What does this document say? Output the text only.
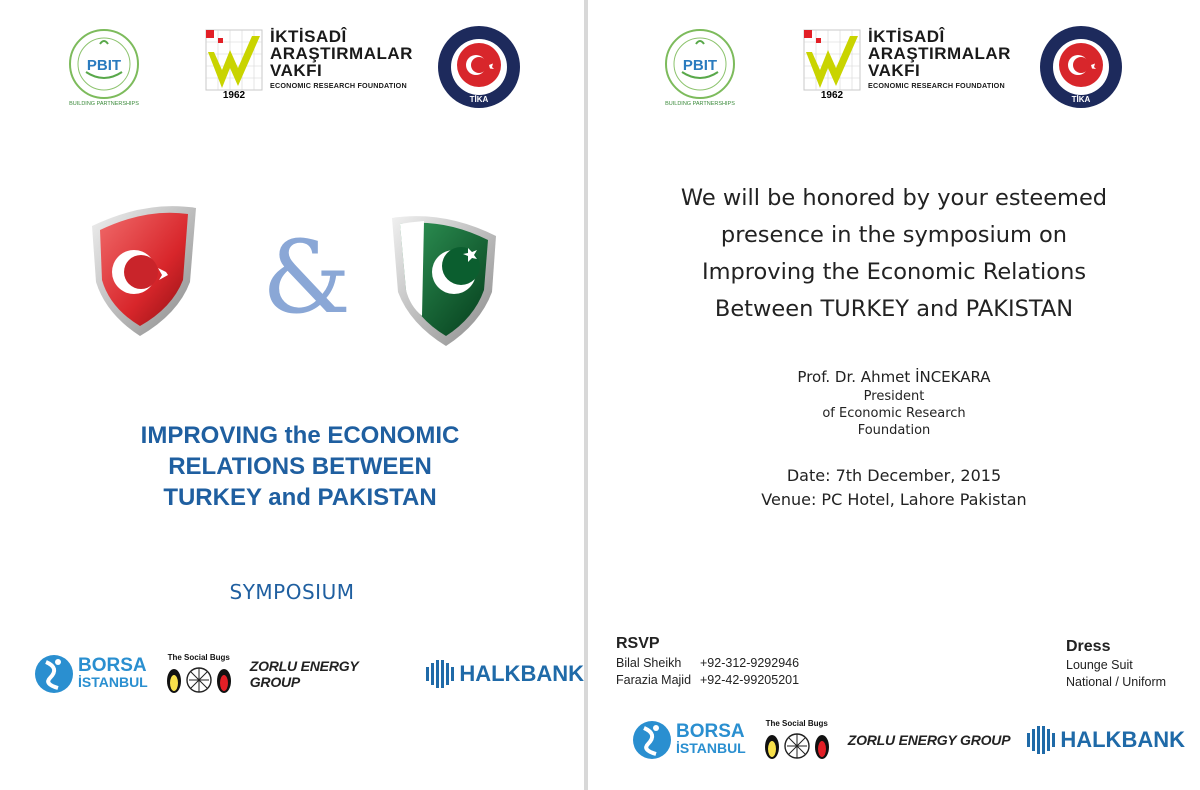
PBIT
BUILDING PARTNERSHIPS
1962
İKTİSADÎ
ARAŞTIRMALAR
VAKFI
ECONOMIC RESEARCH FOUNDATION
TİKA
&
IMPROVING the ECONOMIC
RELATIONS BETWEEN
TURKEY and PAKISTAN
SYMPOSIUM
BORSA
İSTANBUL
The Social Bugs
ZORLU ENERGY GROUP	HALKBANK
PBIT
BUILDING PARTNERSHIPS
1962
İKTİSADÎ
ARAŞTIRMALAR
VAKFI
ECONOMIC RESEARCH FOUNDATION
TİKA
We will be honored by your esteemed
presence in the symposium on
Improving the Economic Relations
Between TURKEY and PAKISTAN
Prof. Dr. Ahmet İNCEKARA
President
of Economic Research
Foundation
Date: 7th December, 2015
Venue: PC Hotel, Lahore Pakistan
RSVP
Bilal Sheikh	+92-312-9292946
Farazia Majid +92-42-99205201
Dress
Lounge Suit
National / Uniform
BORSA
İSTANBUL
The Social Bugs
ZORLU ENERGY GROUP HALKBANK
